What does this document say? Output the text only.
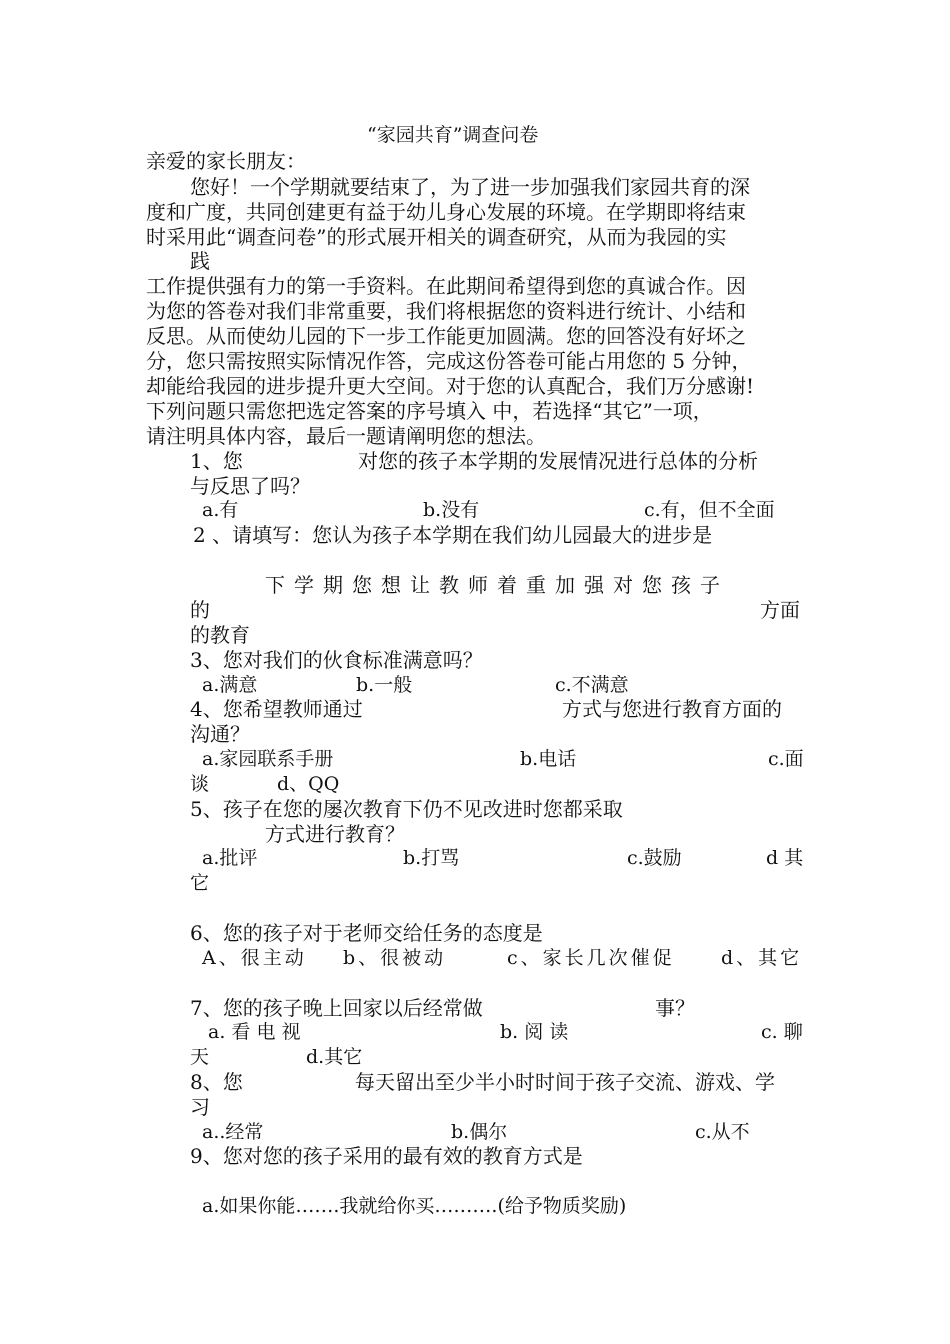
“家园共育”调查问卷
亲爱的家长朋友：
您好！一个学期就要结束了，为了进一步加强我们家园共育的深
度和广度，共同创建更有益于幼儿身心发展的环境。在学期即将结束
时采用此“调查问卷”的形式展开相关的调查研究，从而为我园的实
践
工作提供强有力的第一手资料。在此期间希望得到您的真诚合作。因
为您的答卷对我们非常重要，我们将根据您的资料进行统计、小结和
反思。从而使幼儿园的下一步工作能更加圆满。您的回答没有好坏之
分，您只需按照实际情况作答，完成这份答卷可能占用您的 5 分钟，
却能给我园的进步提升更大空间。对于您的认真配合，我们万分感谢!
下列问题只需您把选定答案的序号填入 中，若选择“其它”一项，
请注明具体内容，最后一题请阐明您的想法。
1、您	对您的孩子本学期的发展情况进行总体的分析
与反思了吗？
a.有	b.没有	c.有，但不全面
2 、请填写：您认为孩子本学期在我们幼儿园最大的进步是
下学期您想让教师着重加强对您孩子
的	方面
的教育
3、您对我们的伙食标准满意吗？
a.满意	b.一般	c.不满意
4、您希望教师通过	方式与您进行教育方面的
沟通？
a.家园联系手册	b.电话	c.面
谈	d、QQ
5、孩子在您的屡次教育下仍不见改进时您都采取
方式进行教育？
a.批评	b.打骂	c.鼓励	d 其
它
6、您的孩子对于老师交给任务的态度是
A、很主动 b、很被动	c、家长几次催促 d、其它
7、您的孩子晚上回家以后经常做	事？
a. 看 电 视	b. 阅 读	c. 聊
天	d.其它
8、您	每天留出至少半小时时间于孩子交流、游戏、学
习
a..经常	b.偶尔	c.从不
9、您对您的孩子采用的最有效的教育方式是
a.如果你能…….我就给你买……….(给予物质奖励)
